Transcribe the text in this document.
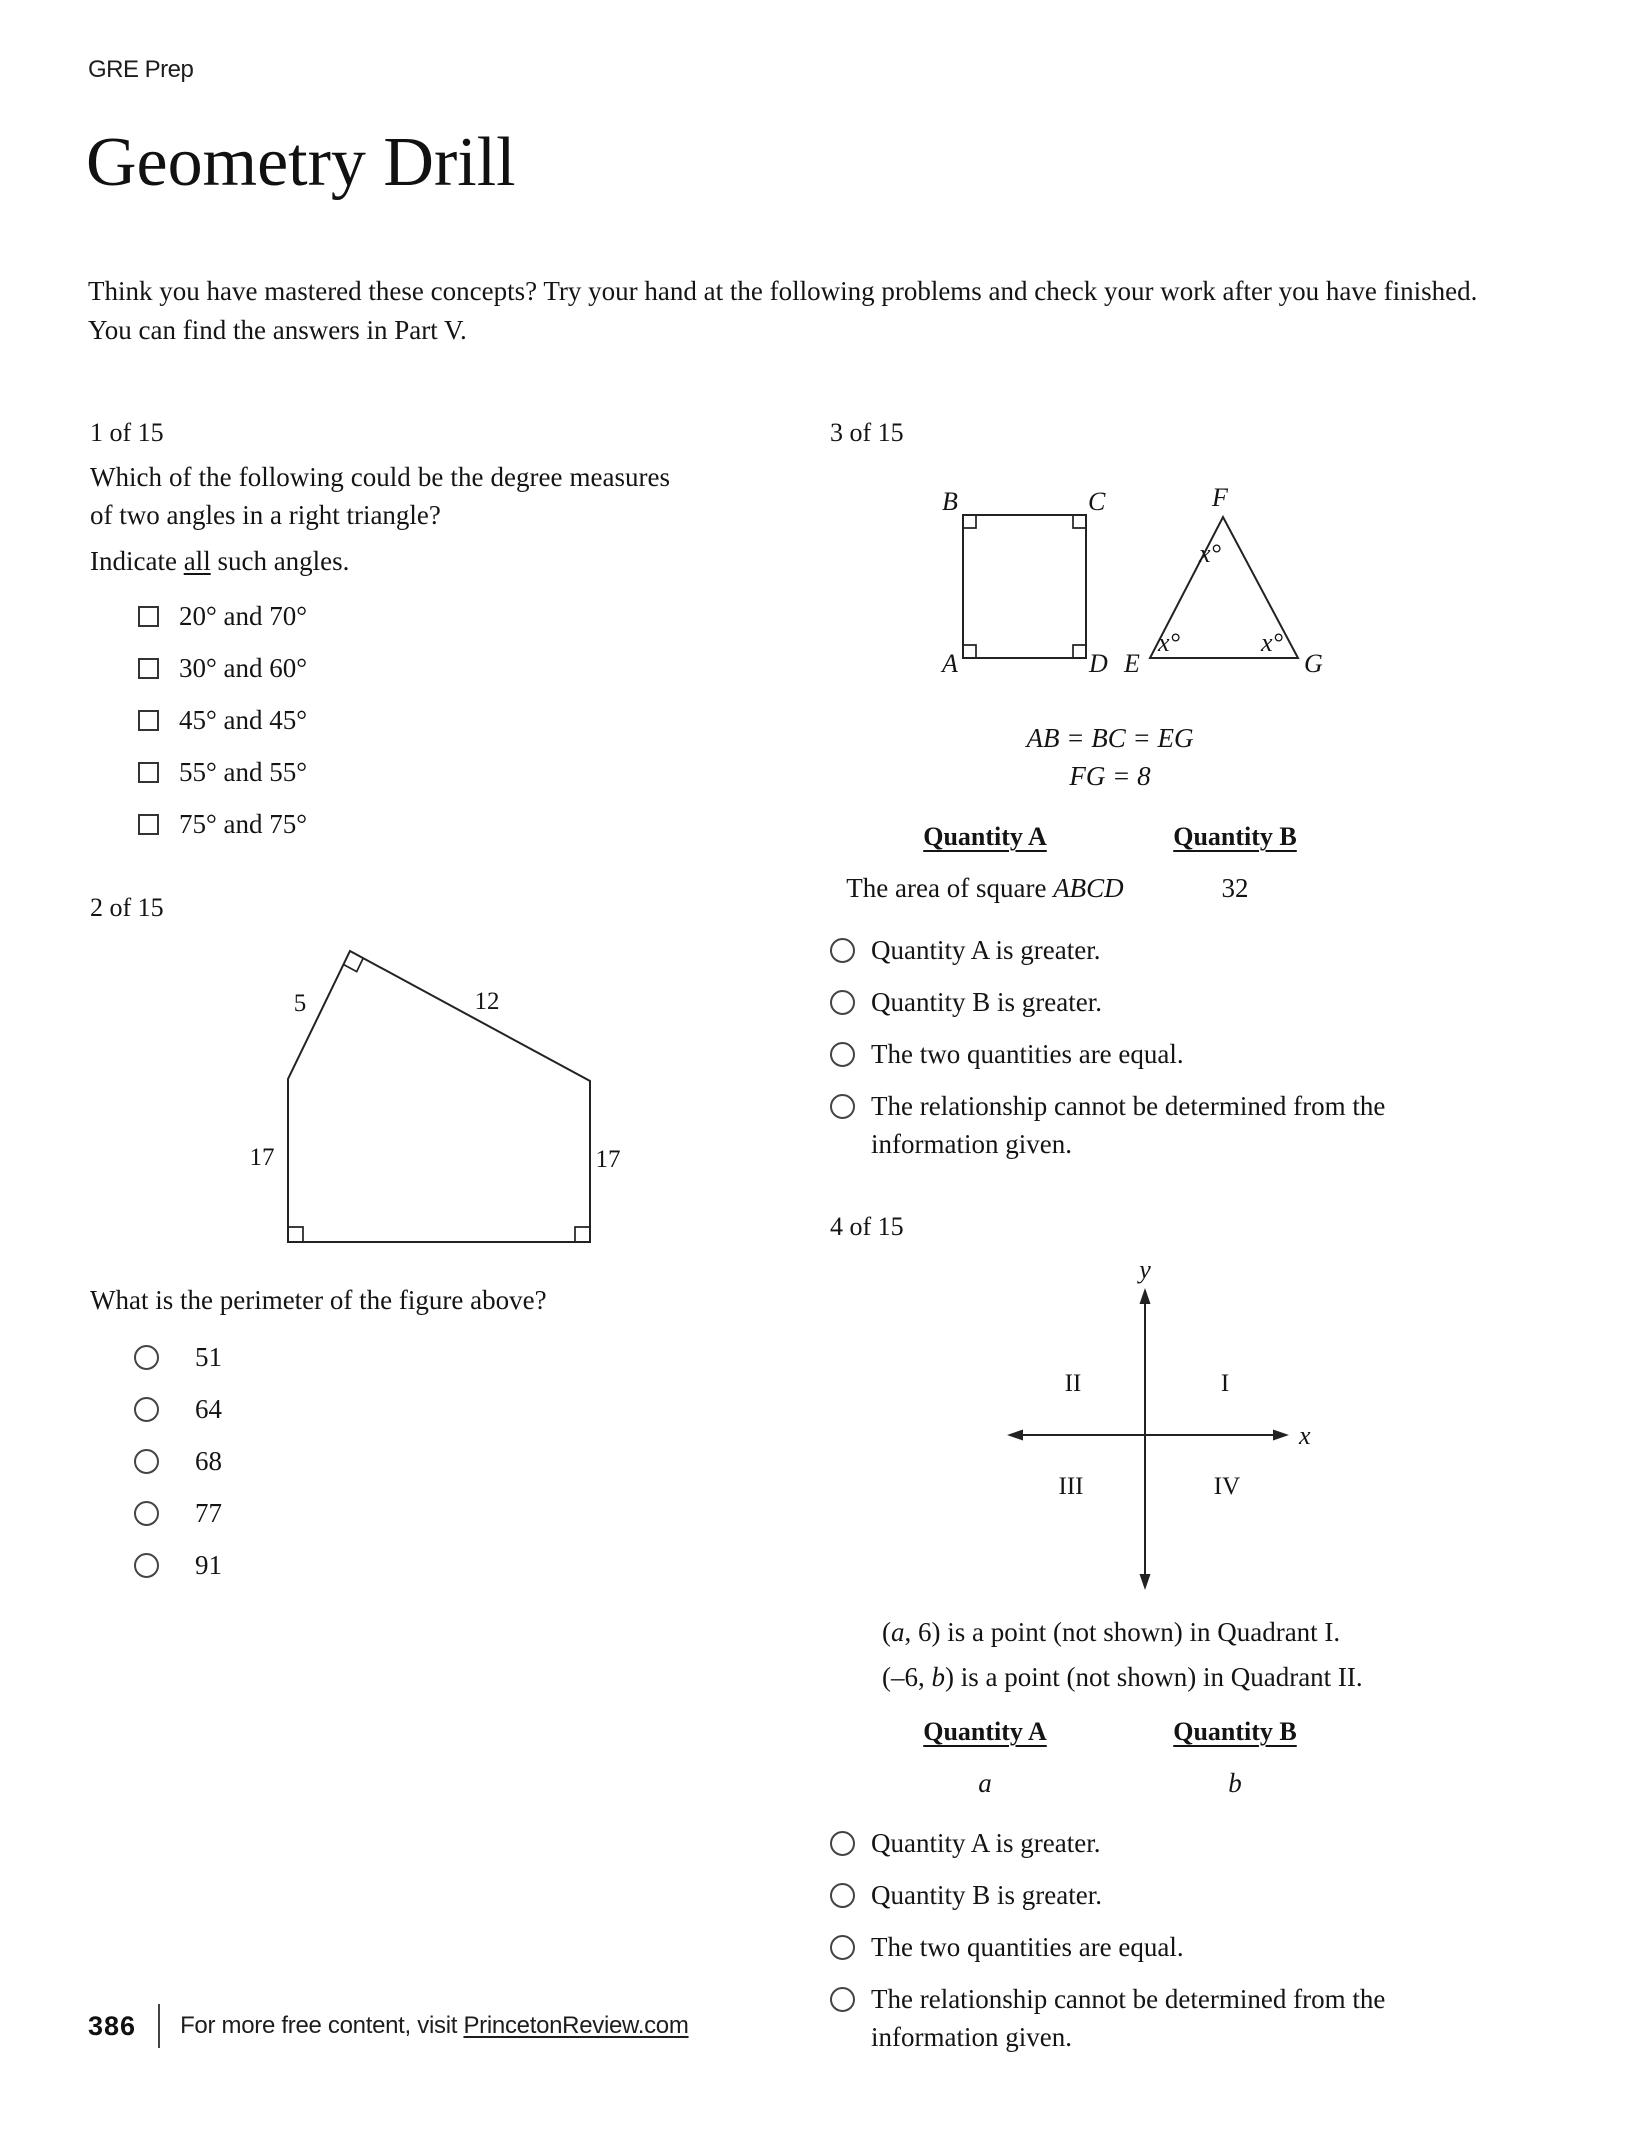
GRE Prep
Geometry Drill

Think you have mastered these concepts? Try your hand at the following problems and check your work after you have finished. You can find the answers in Part V.

1 of 15

Which of the following could be the degree measures of two angles in a right triangle?

Indicate all such angles.

20° and 70°
30° and 60°
45° and 45°
55° and 55°
75° and 75°
2 of 15
5	12
17	17

What is the perimeter of the figure above?

51
64
68
77
91
3 of 15
B	C
A	D E
F
G
x°
x°	x°
AB = BC = EG
FG = 8
Quantity A	Quantity B
The area of square ABCD	32
Quantity A is greater.
Quantity B is greater.
The two quantities are equal.
The relationship cannot be determined from the information given.
4 of 15
y
x
II	I
III	IV
(a, 6) is a point (not shown) in Quadrant I.
(–6, b) is a point (not shown) in Quadrant II.
Quantity A	Quantity B
a	b
Quantity A is greater.
Quantity B is greater.
The two quantities are equal.
The relationship cannot be determined from the information given.
386 For more free content, visit PrincetonReview.com
